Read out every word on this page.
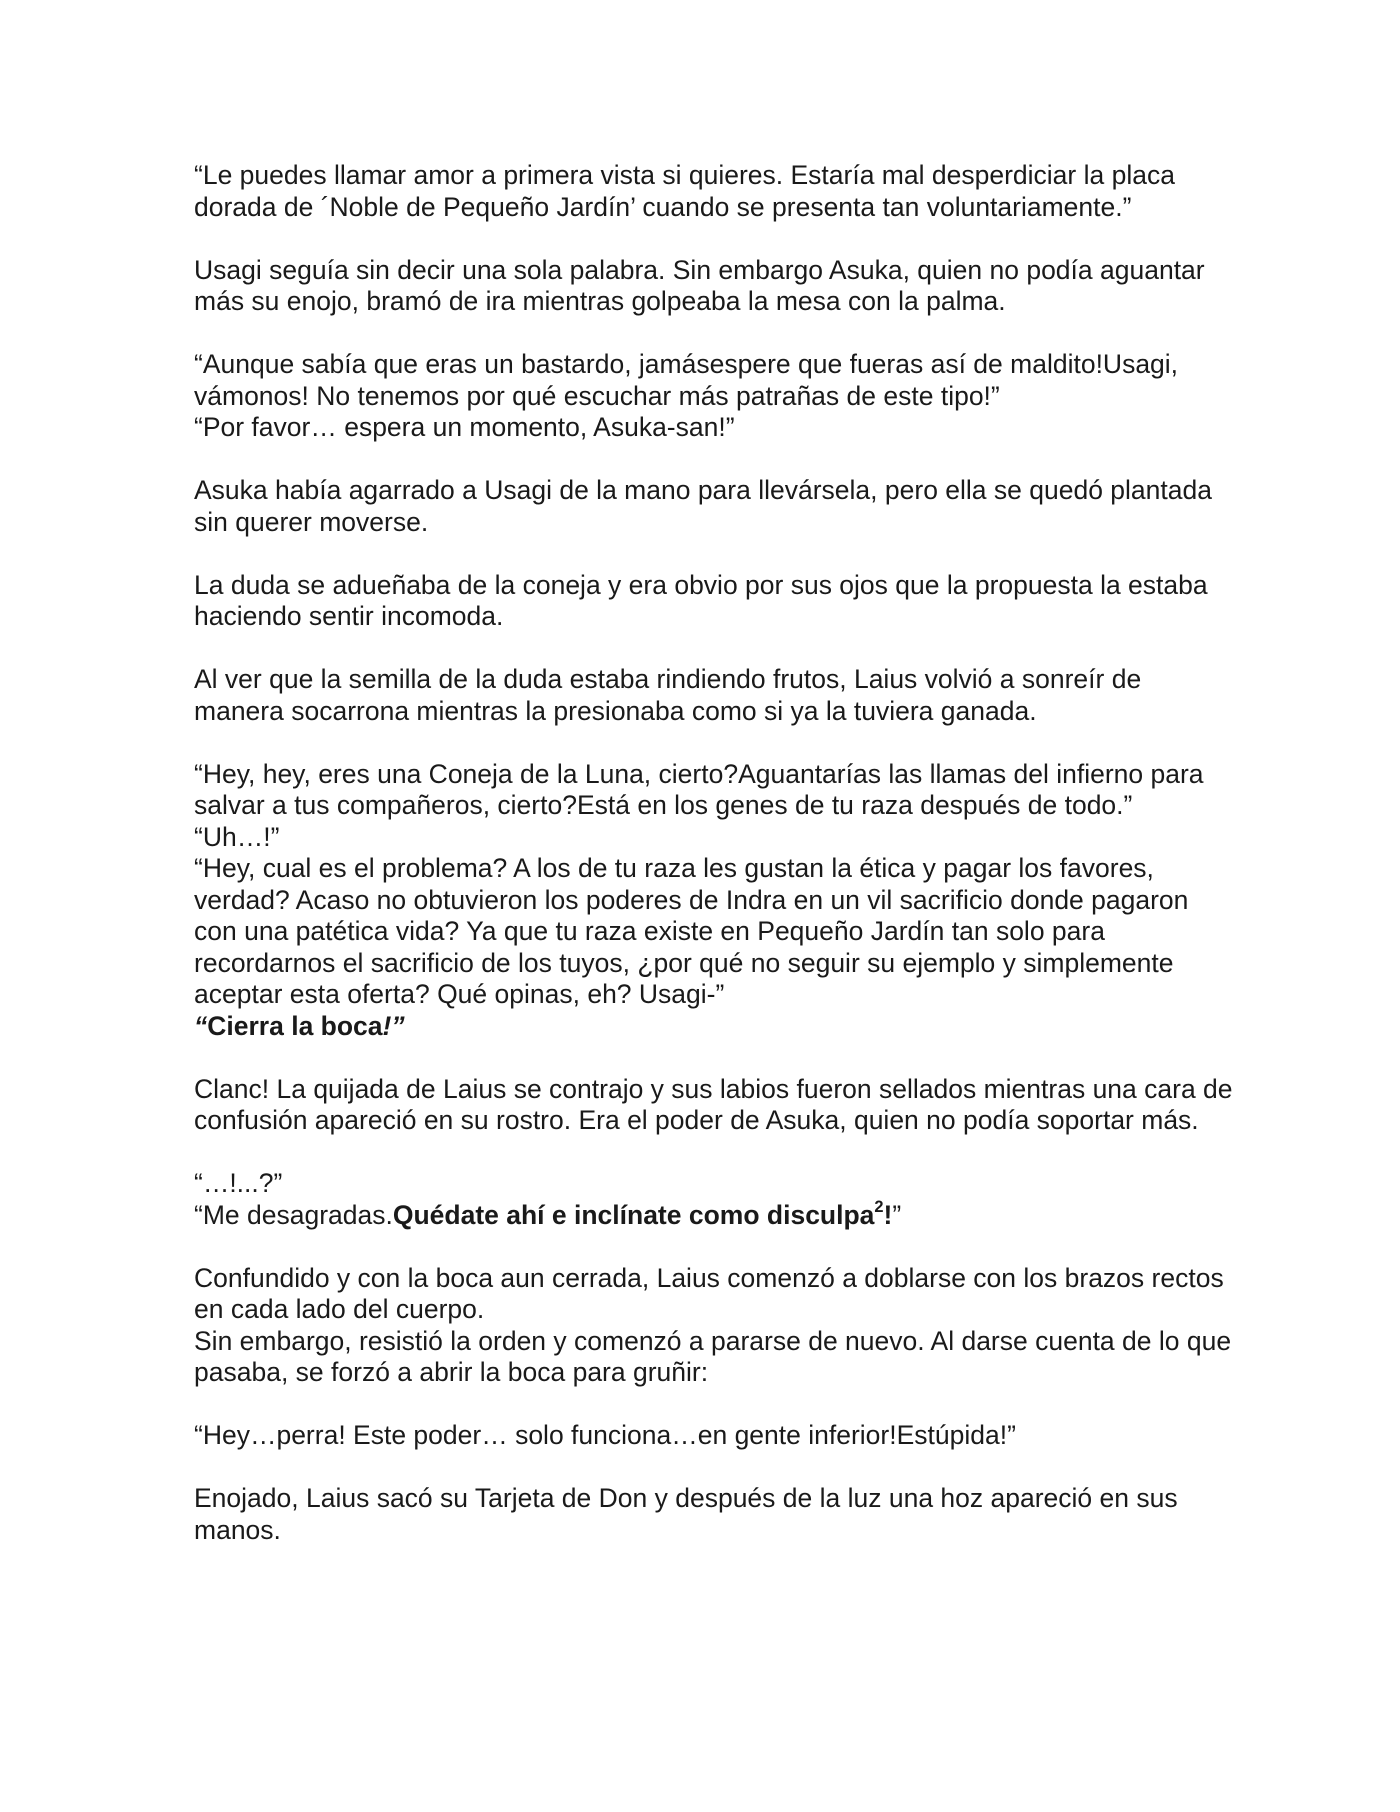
“Le puedes llamar amor a primera vista si quieres. Estaría mal desperdiciar la placa dorada de ´Noble de Pequeño Jardín’ cuando se presenta tan voluntariamente.”

Usagi seguía sin decir una sola palabra. Sin embargo Asuka, quien no podía aguantar más su enojo, bramó de ira mientras golpeaba la mesa con la palma.

“Aunque sabía que eras un bastardo, jamásespere que fueras así de maldito!Usagi, vámonos! No tenemos por qué escuchar más patrañas de este tipo!”

“Por favor… espera un momento, Asuka-san!”

Asuka había agarrado a Usagi de la mano para llevársela, pero ella se quedó plantada sin querer moverse.

La duda se adueñaba de la coneja y era obvio por sus ojos que la propuesta la estaba haciendo sentir incomoda.

Al ver que la semilla de la duda estaba rindiendo frutos, Laius volvió a sonreír de manera socarrona mientras la presionaba como si ya la tuviera ganada.

“Hey, hey, eres una Coneja de la Luna, cierto?Aguantarías las llamas del infierno para salvar a tus compañeros, cierto?Está en los genes de tu raza después de todo.”

“Uh…!”

“Hey, cual es el problema? A los de tu raza les gustan la ética y pagar los favores, verdad? Acaso no obtuvieron los poderes de Indra en un vil sacrificio donde pagaron con una patética vida? Ya que tu raza existe en Pequeño Jardín tan solo para recordarnos el sacrificio de los tuyos, ¿por qué no seguir su ejemplo y simplemente aceptar esta oferta? Qué opinas, eh? Usagi-”

“Cierra la boca!”

Clanc! La quijada de Laius se contrajo y sus labios fueron sellados mientras una cara de confusión apareció en su rostro. Era el poder de Asuka, quien no podía soportar más.

“…!...?”

“Me desagradas.Quédate ahí e inclínate como disculpa$^2$!”

Confundido y con la boca aun cerrada, Laius comenzó a doblarse con los brazos rectos en cada lado del cuerpo.

Sin embargo, resistió la orden y comenzó a pararse de nuevo. Al darse cuenta de lo que pasaba, se forzó a abrir la boca para gruñir:

“Hey…perra! Este poder… solo funciona…en gente inferior!Estúpida!”

Enojado, Laius sacó su Tarjeta de Don y después de la luz una hoz apareció en sus manos.
